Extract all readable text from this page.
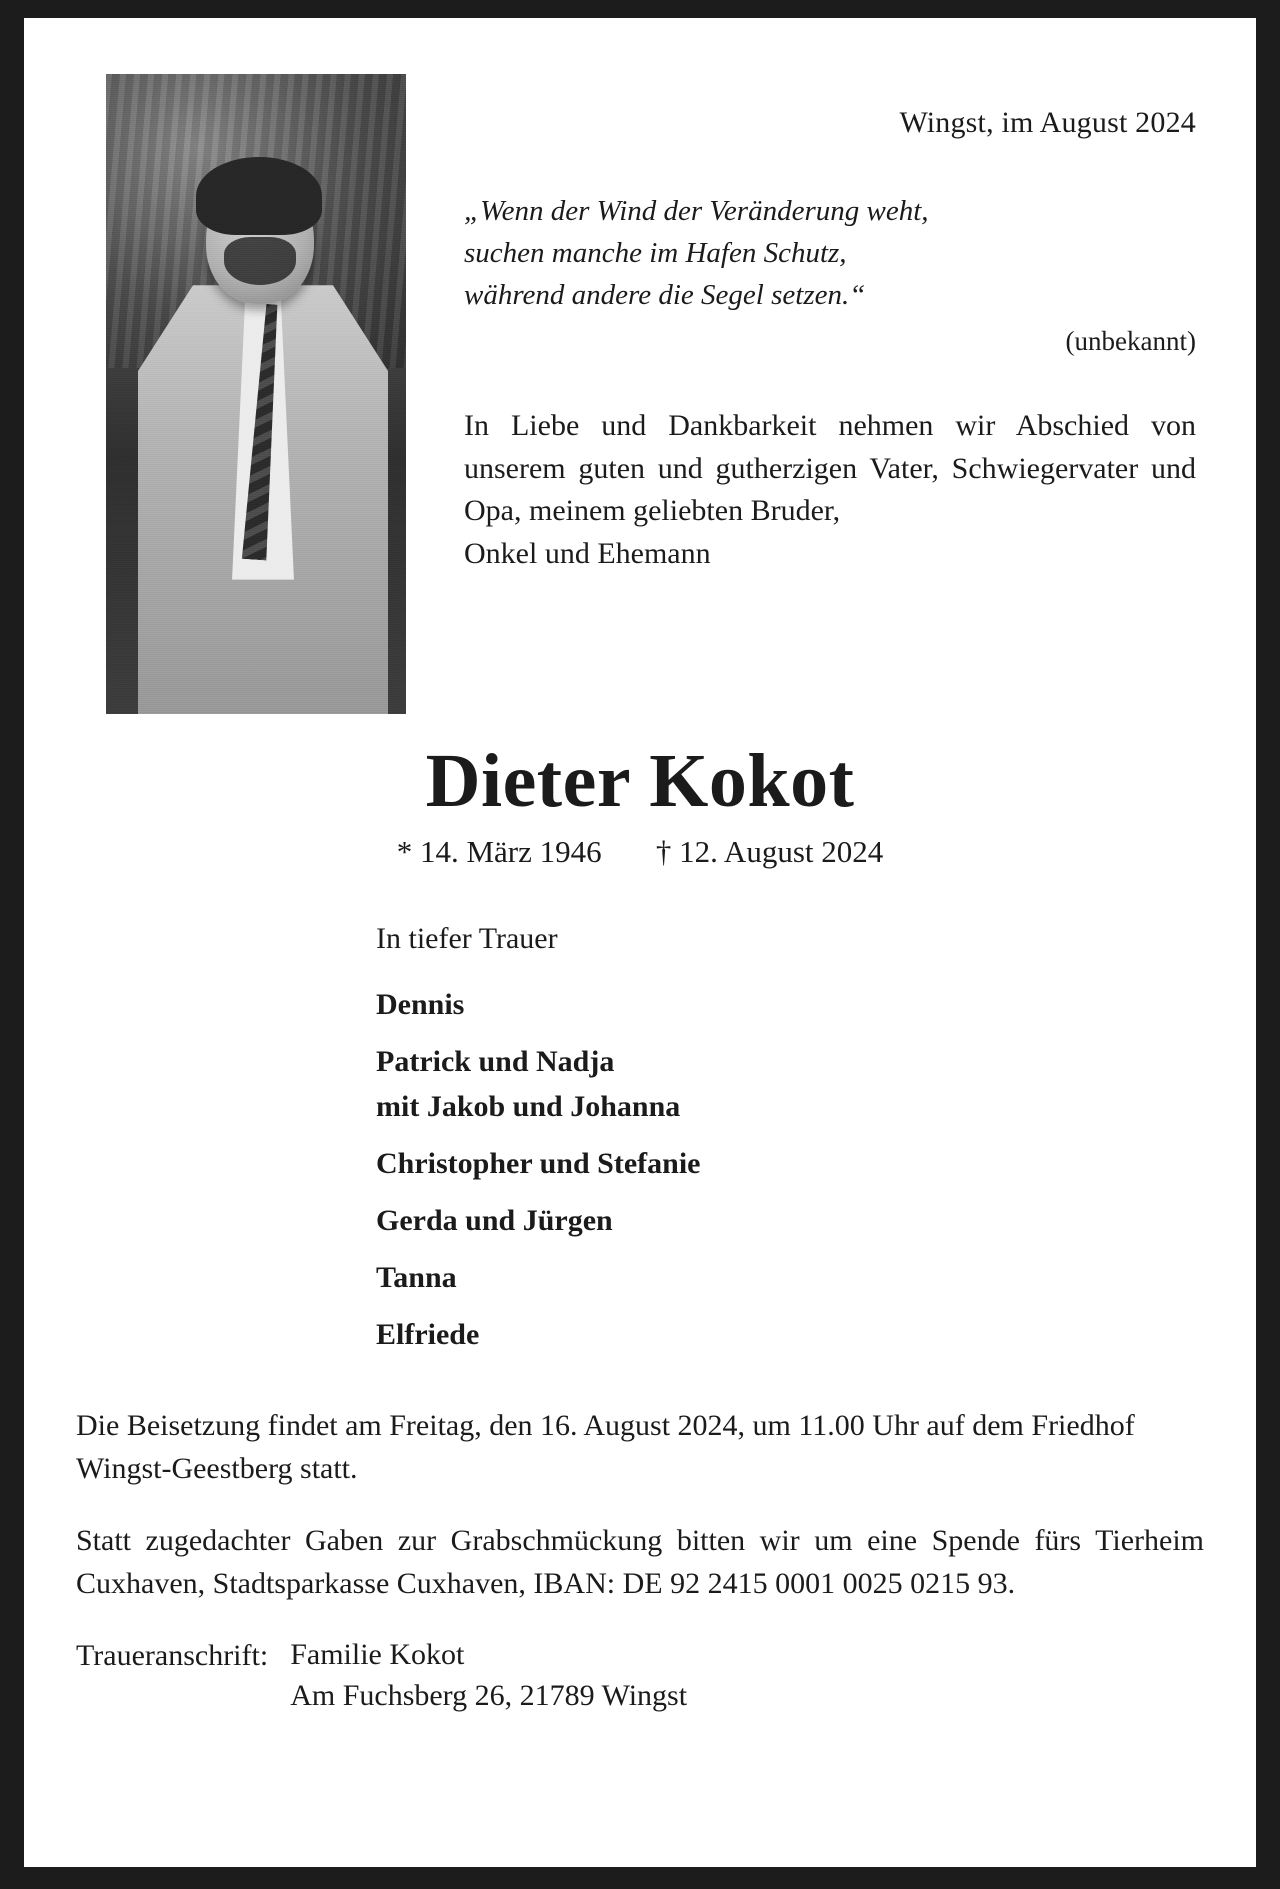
Wingst, im August 2024
„Wenn der Wind der Veränderung weht,
suchen manche im Hafen Schutz,
während andere die Segel setzen.“
(unbekannt)
In Liebe und Dankbarkeit nehmen wir Abschied von unserem guten und gutherzigen Vater, Schwiegervater und Opa, meinem geliebten Bruder,
Onkel und Ehemann
Dieter Kokot
* 14. März 1946       † 12. August 2024
In tiefer Trauer
Dennis
Patrick und Nadja
mit Jakob und Johanna
Christopher und Stefanie
Gerda und Jürgen
Tanna
Elfriede

Die Beisetzung findet am Freitag, den 16. August 2024, um 11.00 Uhr auf dem Friedhof Wingst-Geestberg statt.

Statt zugedachter Gaben zur Grabschmückung bitten wir um eine Spende fürs Tierheim Cuxhaven, Stadtsparkasse Cuxhaven, IBAN: DE 92 2415 0001 0025 0215 93.

Traueranschrift: Familie Kokot
Am Fuchsberg 26, 21789 Wingst
